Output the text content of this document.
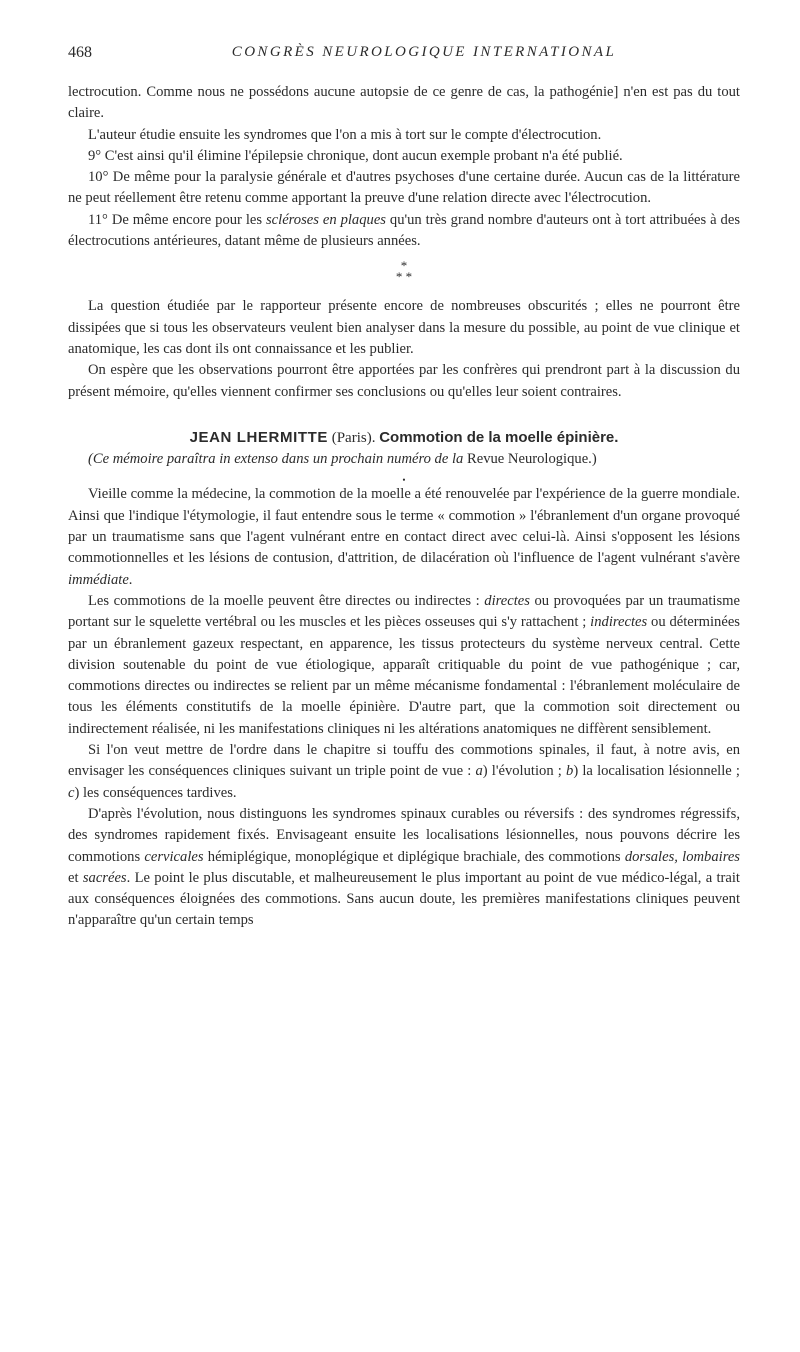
468	CONGRÈS NEUROLOGIQUE INTERNATIONAL

lectrocution. Comme nous ne possédons aucune autopsie de ce genre de cas, la pathogénie] n'en est pas du tout claire.

L'auteur étudie ensuite les syndromes que l'on a mis à tort sur le compte d'électrocution.

9° C'est ainsi qu'il élimine l'épilepsie chronique, dont aucun exemple probant n'a été publié.

10° De même pour la paralysie générale et d'autres psychoses d'une certaine durée. Aucun cas de la littérature ne peut réellement être retenu comme apportant la preuve d'une relation directe avec l'électrocution.

11° De même encore pour les scléroses en plaques qu'un très grand nombre d'auteurs ont à tort attribuées à des électrocutions antérieures, datant même de plusieurs années.

*
* *

La question étudiée par le rapporteur présente encore de nombreuses obscurités ; elles ne pourront être dissipées que si tous les observateurs veulent bien analyser dans la mesure du possible, au point de vue clinique et anatomique, les cas dont ils ont connaissance et les publier.

On espère que les observations pourront être apportées par les confrères qui prendront part à la discussion du présent mémoire, qu'elles viennent confirmer ses conclusions ou qu'elles leur soient contraires.

JEAN LHERMITTE (Paris). Commotion de la moelle épinière.

(Ce mémoire paraîtra in extenso dans un prochain numéro de la Revue Neurologique.)

•

Vieille comme la médecine, la commotion de la moelle a été renouvelée par l'expérience de la guerre mondiale. Ainsi que l'indique l'étymologie, il faut entendre sous le terme « commotion » l'ébranlement d'un organe provoqué par un traumatisme sans que l'agent vulnérant entre en contact direct avec celui-là. Ainsi s'opposent les lésions commotionnelles et les lésions de contusion, d'attrition, de dilacération où l'influence de l'agent vulnérant s'avère immédiate.

Les commotions de la moelle peuvent être directes ou indirectes : directes ou provoquées par un traumatisme portant sur le squelette vertébral ou les muscles et les pièces osseuses qui s'y rattachent ; indirectes ou déterminées par un ébranlement gazeux respectant, en apparence, les tissus protecteurs du système nerveux central. Cette division soutenable du point de vue étiologique, apparaît critiquable du point de vue pathogénique ; car, commotions directes ou indirectes se relient par un même mécanisme fondamental : l'ébranlement moléculaire de tous les éléments constitutifs de la moelle épinière. D'autre part, que la commotion soit directement ou indirectement réalisée, ni les manifestations cliniques ni les altérations anatomiques ne diffèrent sensiblement.

Si l'on veut mettre de l'ordre dans le chapitre si touffu des commotions spinales, il faut, à notre avis, en envisager les conséquences cliniques suivant un triple point de vue : a) l'évolution ; b) la localisation lésionnelle ; c) les conséquences tardives.

D'après l'évolution, nous distinguons les syndromes spinaux curables ou réversifs : des syndromes régressifs, des syndromes rapidement fixés. Envisageant ensuite les localisations lésionnelles, nous pouvons décrire les commotions cervicales hémiplégique, monoplégique et diplégique brachiale, des commotions dorsales, lombaires et sacrées. Le point le plus discutable, et malheureusement le plus important au point de vue médico-légal, a trait aux conséquences éloignées des commotions. Sans aucun doute, les premières manifestations cliniques peuvent n'apparaître qu'un certain temps
